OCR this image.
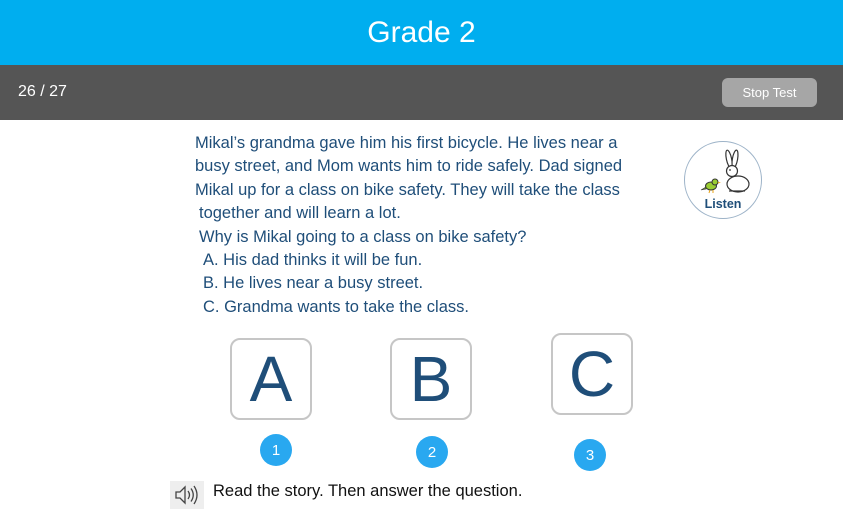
Grade 2
26 / 27	Stop Test
Mikal’s grandma gave him his first bicycle. He lives near a
busy street, and Mom wants him to ride safely. Dad signed
Mikal up for a class on bike safety. They will take the class
together and will learn a lot.
Why is Mikal going to a class on bike safety?
A. His dad thinks it will be fun.
B. He lives near a busy street.
C. Grandma wants to take the class.
Listen
A	B	C
1	2	3
Read the story. Then answer the question.
